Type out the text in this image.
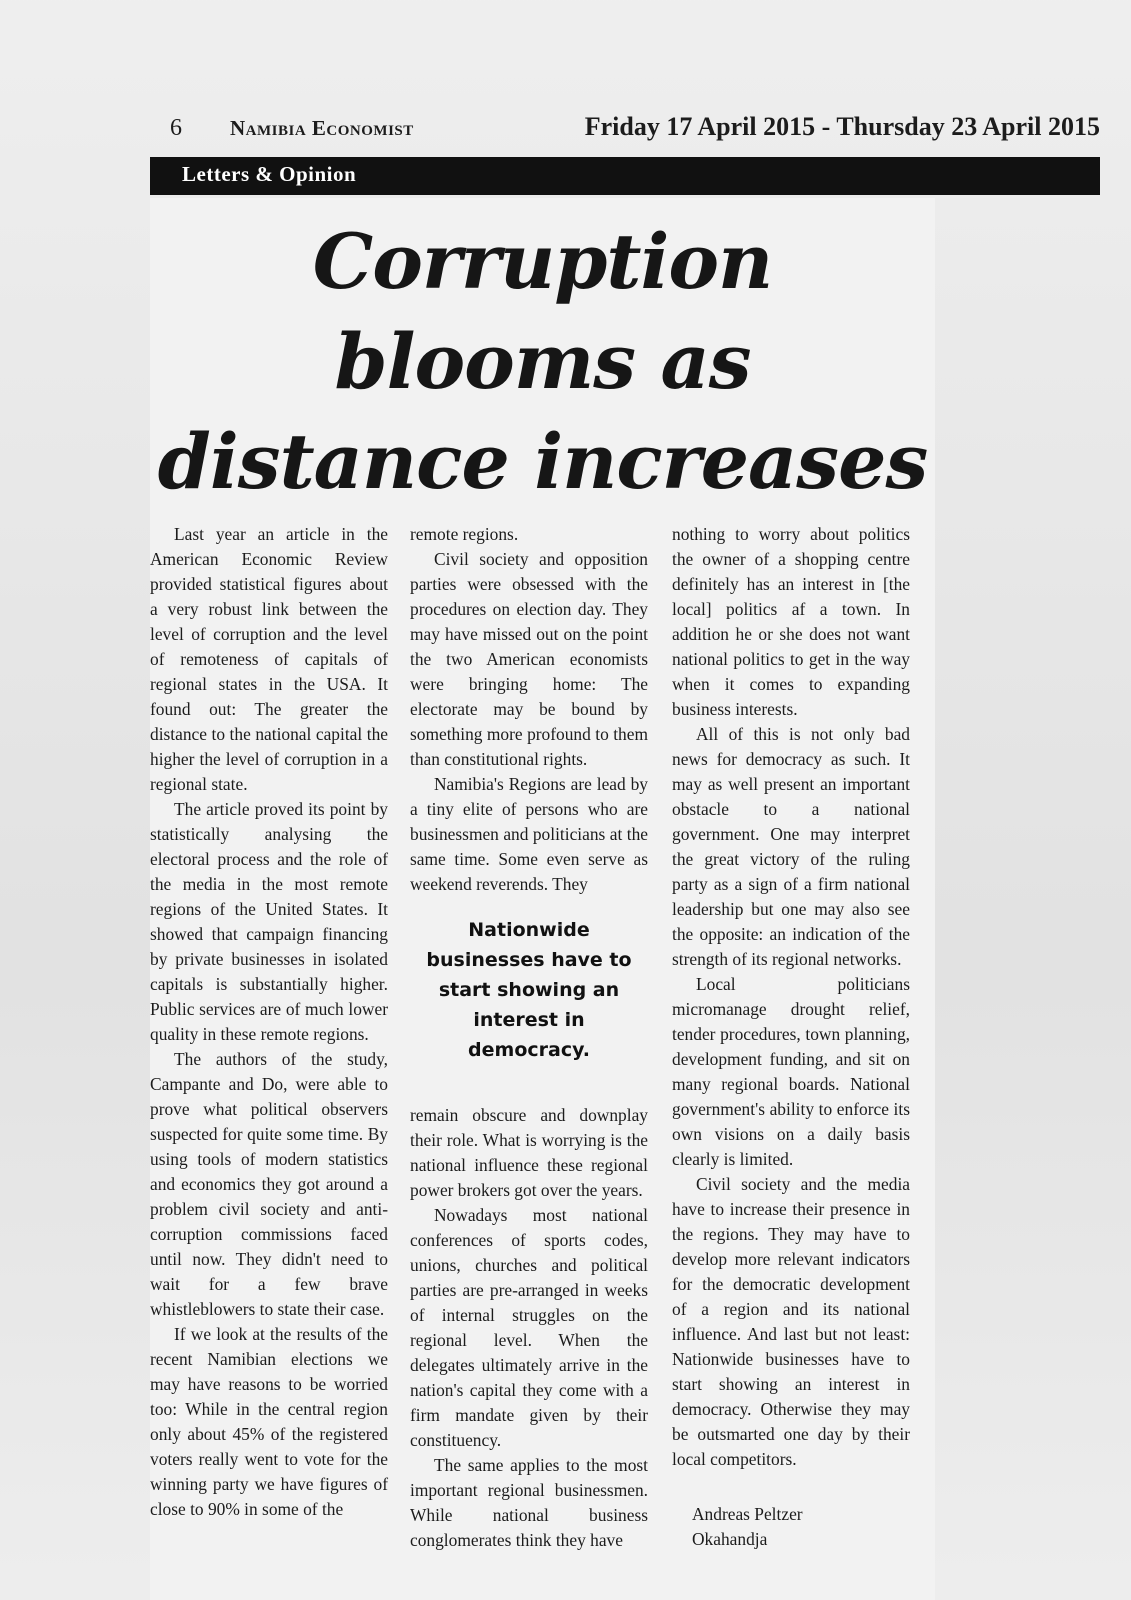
6	Namibia Economist	Friday 17 April 2015 - Thursday 23 April 2015
Letters & Opinion
Corruption
blooms as
distance increases

Last year an article in the American Economic Review provided statistical figures about a very robust link between the level of corruption and the level of remoteness of capitals of regional states in the USA. It found out: The greater the distance to the national capital the higher the level of corruption in a regional state.

The article proved its point by statistically analysing the electoral process and the role of the media in the most remote regions of the United States. It showed that campaign financing by private businesses in isolated capitals is substantially higher. Public services are of much lower quality in these remote regions.

The authors of the study, Campante and Do, were able to prove what political observers suspected for quite some time. By using tools of modern statistics and economics they got around a problem civil society and anti-corruption commissions faced until now. They didn't need to wait for a few brave whistleblowers to state their case.

If we look at the results of the recent Namibian elections we may have reasons to be worried too: While in the central region only about 45% of the registered voters really went to vote for the winning party we have figures of close to 90% in some of the

remote regions.

Civil society and opposition parties were obsessed with the procedures on election day. They may have missed out on the point the two American economists were bringing home: The electorate may be bound by something more profound to them than constitutional rights.

Namibia's Regions are lead by a tiny elite of persons who are businessmen and politicians at the same time. Some even serve as weekend reverends. They

Nationwide businesses have to start showing an interest in democracy.

remain obscure and downplay their role. What is worrying is the national influence these regional power brokers got over the years.

Nowadays most national conferences of sports codes, unions, churches and political parties are pre-arranged in weeks of internal struggles on the regional level. When the delegates ultimately arrive in the nation's capital they come with a firm mandate given by their constituency.

The same applies to the most important regional businessmen. While national business conglomerates think they have

nothing to worry about politics the owner of a shopping centre definitely has an interest in [the local] politics af a town. In addition he or she does not want national politics to get in the way when it comes to expanding business interests.

All of this is not only bad news for democracy as such. It may as well present an important obstacle to a national government. One may interpret the great victory of the ruling party as a sign of a firm national leadership but one may also see the opposite: an indication of the strength of its regional networks.

Local politicians micromanage drought relief, tender procedures, town planning, development funding, and sit on many regional boards. National government's ability to enforce its own visions on a daily basis clearly is limited.

Civil society and the media have to increase their presence in the regions. They may have to develop more relevant indicators for the democratic development of a region and its national influence. And last but not least: Nationwide businesses have to start showing an interest in democracy. Otherwise they may be outsmarted one day by their local competitors.

Andreas Peltzer
Okahandja
